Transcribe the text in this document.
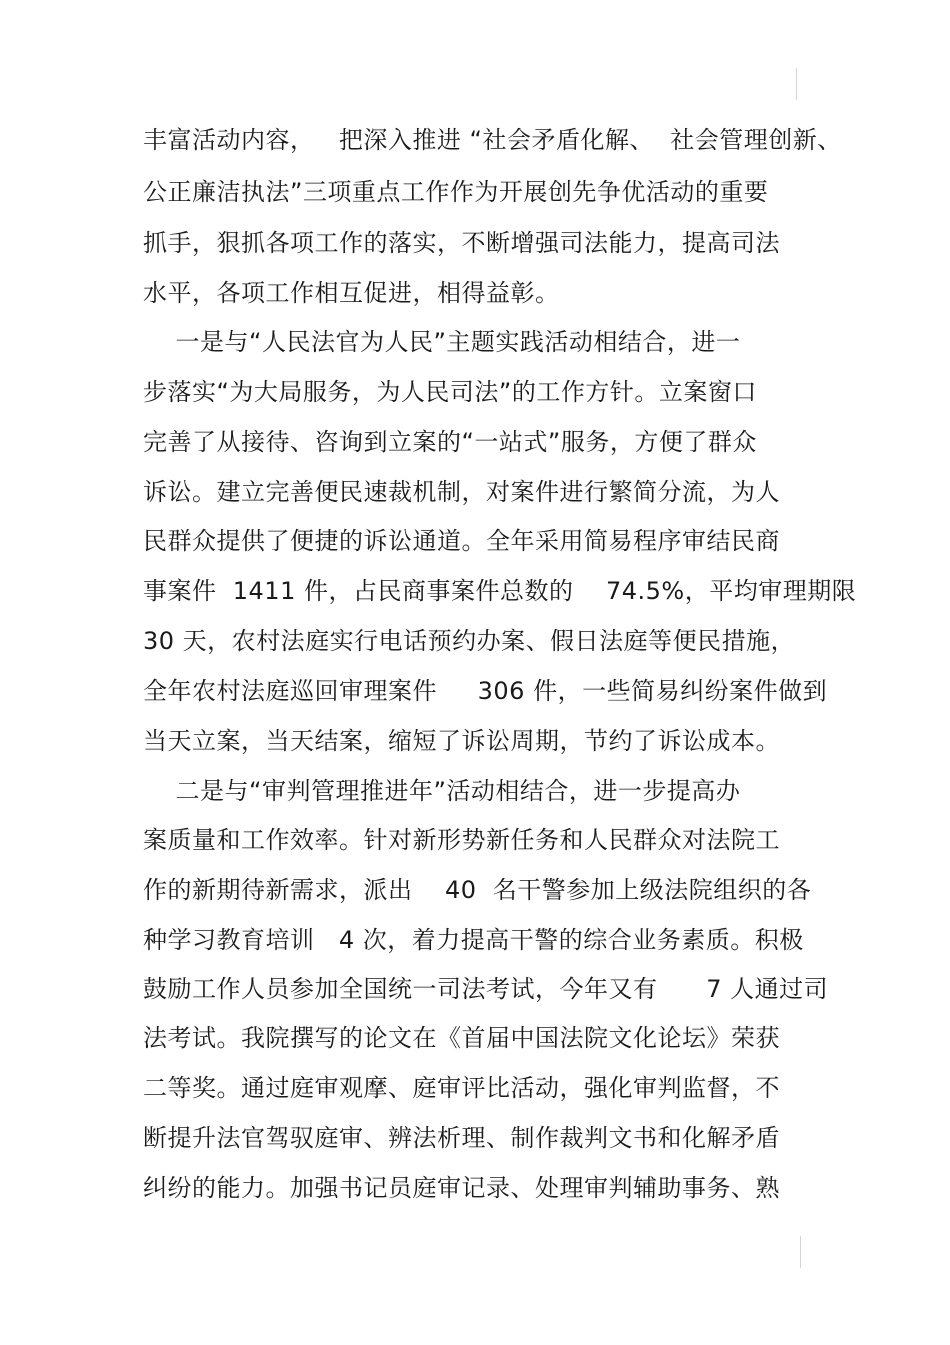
丰富活动内容，   把深入推进 “社会矛盾化解、  社会管理创新、
公正廉洁执法”三项重点工作作为开展创先争优活动的重要
抓手，狠抓各项工作的落实，不断增强司法能力，提高司法
水平，各项工作相互促进，相得益彰。
一是与“人民法官为人民”主题实践活动相结合，进一
步落实“为大局服务，为人民司法”的工作方针。立案窗口
完善了从接待、咨询到立案的“一站式”服务，方便了群众
诉讼。建立完善便民速裁机制，对案件进行繁简分流，为人
民群众提供了便捷的诉讼通道。全年采用简易程序审结民商
事案件  1411 件，占民商事案件总数的    74.5%，平均审理期限
30 天，农村法庭实行电话预约办案、假日法庭等便民措施，
全年农村法庭巡回审理案件     306 件，一些简易纠纷案件做到
当天立案，当天结案，缩短了诉讼周期，节约了诉讼成本。
二是与“审判管理推进年”活动相结合，进一步提高办
案质量和工作效率。针对新形势新任务和人民群众对法院工
作的新期待新需求，派出    40  名干警参加上级法院组织的各
种学习教育培训   4 次，着力提高干警的综合业务素质。积极
鼓励工作人员参加全国统一司法考试，今年又有      7 人通过司
法考试。我院撰写的论文在《首届中国法院文化论坛》荣获
二等奖。通过庭审观摩、庭审评比活动，强化审判监督，不
断提升法官驾驭庭审、辨法析理、制作裁判文书和化解矛盾
纠纷的能力。加强书记员庭审记录、处理审判辅助事务、熟
